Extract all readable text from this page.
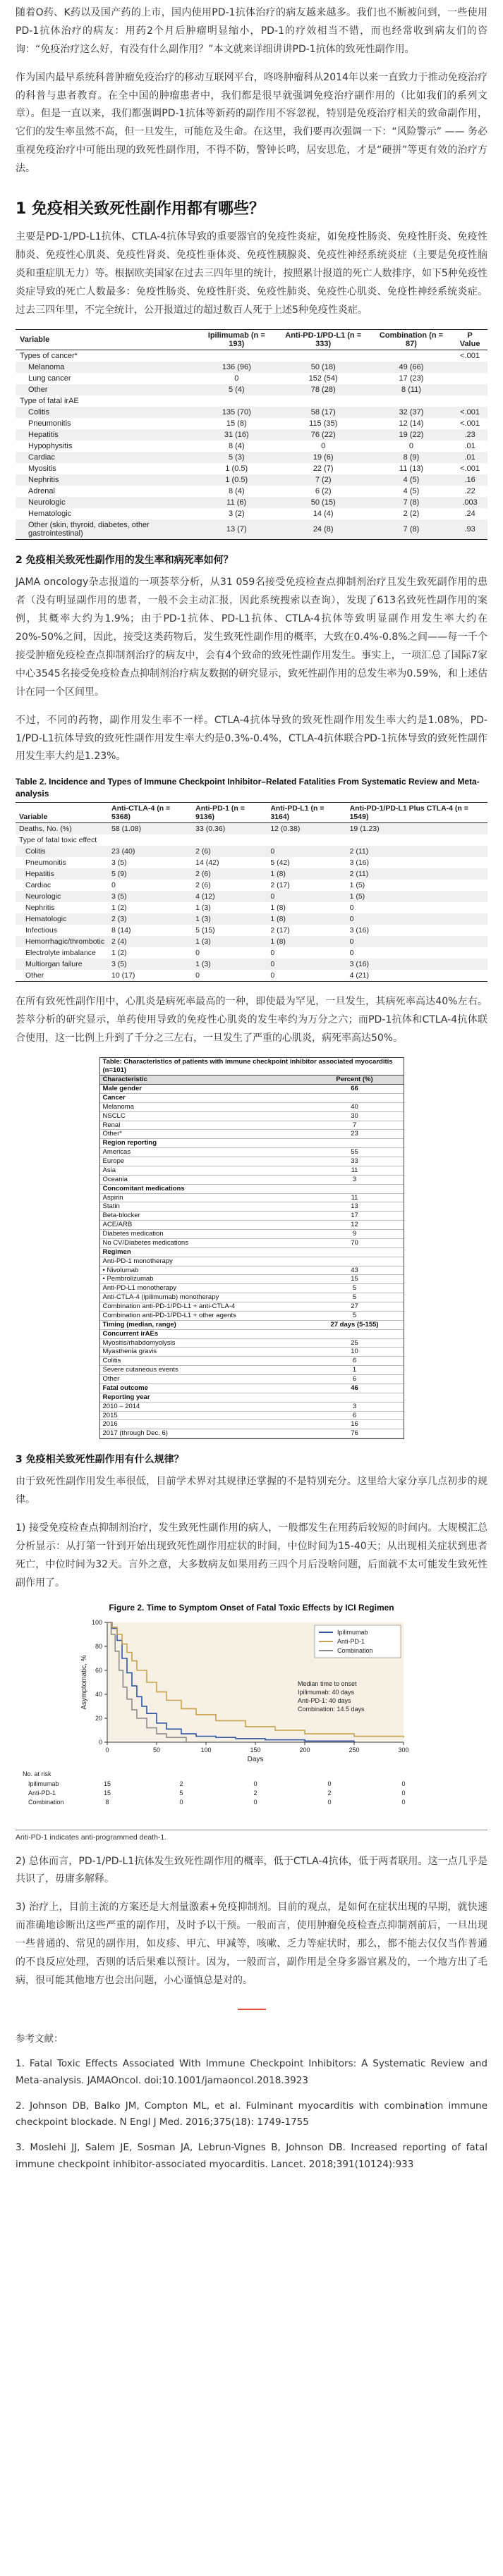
随着O药、K药以及国产药的上市，国内使用PD-1抗体治疗的病友越来越多。我们也不断被问到，一些使用PD-1抗体治疗的病友：用药2个月后肿瘤明显缩小，PD-1的疗效相当不错，而也经常收到病友们的咨询：“免疫治疗这么好，有没有什么副作用？”本文就来详细讲讲PD-1抗体的致死性副作用。

作为国内最早系统科普肿瘤免疫治疗的移动互联网平台，咚咚肿瘤科从2014年以来一直致力于推动免疫治疗的科普与患者教育。在全中国的肿瘤患者中，我们都是很早就强调免疫治疗副作用的（比如我们的系列文章）。但是一直以来，我们都强调PD-1抗体等新药的副作用不容忽视，特别是免疫治疗相关的致命副作用，它们的发生率虽然不高，但一旦发生，可能危及生命。在这里，我们要再次强调一下：“风险警示” —— 务必重视免疫治疗中可能出现的致死性副作用，不得不防，警钟长鸣，居安思危，才是“硬拼”等更有效的治疗方法。

1 免疫相关致死性副作用都有哪些？

主要是PD-1/PD-L1抗体、CTLA-4抗体导致的重要器官的免疫性炎症，如免疫性肠炎、免疫性肝炎、免疫性肺炎、免疫性心肌炎、免疫性肾炎、免疫性垂体炎、免疫性胰腺炎、免疫性神经系统炎症（主要是免疫性脑炎和重症肌无力）等。根据欧美国家在过去三四年里的统计，按照累计报道的死亡人数排序，如下5种免疫性炎症导致的死亡人数最多：免疫性肠炎、免疫性肝炎、免疫性肺炎、免疫性心肌炎、免疫性神经系统炎症。过去三四年里，不完全统计，公开报道过的超过数百人死于上述5种免疫性炎症。

Variable	Ipilimumab (n = 193)	Anti-PD-1/PD-L1 (n = 333)	Combination (n = 87)	P Value
Types of cancer*				<.001
Melanoma	136 (96)	50 (18)	49 (66)	
Lung cancer	0	152 (54)	17 (23)	
Other	5 (4)	78 (28)	8 (11)	
Type of fatal irAE				
Colitis	135 (70)	58 (17)	32 (37)	<.001
Pneumonitis	15 (8)	115 (35)	12 (14)	<.001
Hepatitis	31 (16)	76 (22)	19 (22)	.23
Hypophysitis	8 (4)	0	0	.01
Cardiac	5 (3)	19 (6)	8 (9)	.01
Myositis	1 (0.5)	22 (7)	11 (13)	<.001
Nephritis	1 (0.5)	7 (2)	4 (5)	.16
Adrenal	8 (4)	6 (2)	4 (5)	.22
Neurologic	11 (6)	50 (15)	7 (8)	.003
Hematologic	3 (2)	14 (4)	2 (2)	.24
Other (skin, thyroid, diabetes, other gastrointestinal)	13 (7)	24 (8)	7 (8)	.93
2 免疫相关致死性副作用的发生率和病死率如何？

JAMA oncology杂志报道的一项荟萃分析，从31 059名接受免疫检查点抑制剂治疗且发生致死副作用的患者（没有明显副作用的患者，一般不会主动汇报，因此系统搜索以查询），发现了613名致死性副作用的案例，其概率大约为1.9%；由于PD-1抗体、PD-L1抗体、CTLA-4抗体等致明显副作用发生率大约在20%-50%之间，因此，接受这类药物后，发生致死性副作用的概率，大致在0.4%-0.8%之间——每一千个接受肿瘤免疫检查点抑制剂治疗的病友中，会有4个致命的致死性副作用发生。事实上，一项汇总了国际7家中心3545名接受免疫检查点抑制剂治疗病友数据的研究显示，致死性副作用的总发生率为0.59%，和上述估计在同一个区间里。

不过，不同的药物，副作用发生率不一样。CTLA-4抗体导致的致死性副作用发生率大约是1.08%，PD-1/PD-L1抗体导致的致死性副作用发生率大约是0.3%-0.4%，CTLA-4抗体联合PD-1抗体导致的致死性副作用发生率大约是1.23%。

Table 2. Incidence and Types of Immune Checkpoint Inhibitor–Related Fatalities From Systematic Review and Meta-analysis
Variable	Anti-CTLA-4 (n = 5368)	Anti-PD-1 (n = 9136)	Anti-PD-L1 (n = 3164)	Anti-PD-1/PD-L1 Plus CTLA-4 (n = 1549)
Deaths, No. (%)	58 (1.08)	33 (0.36)	12 (0.38)	19 (1.23)
Type of fatal toxic effect				
Colitis	23 (40)	2 (6)	0	2 (11)
Pneumonitis	3 (5)	14 (42)	5 (42)	3 (16)
Hepatitis	5 (9)	2 (6)	1 (8)	2 (11)
Cardiac	0	2 (6)	2 (17)	1 (5)
Neurologic	3 (5)	4 (12)	0	1 (5)
Nephritis	1 (2)	1 (3)	1 (8)	0
Hematologic	2 (3)	1 (3)	1 (8)	0
Infectious	8 (14)	5 (15)	2 (17)	3 (16)
Hemorrhagic/thrombotic	2 (4)	1 (3)	1 (8)	0
Electrolyte imbalance	1 (2)	0	0	0
Multiorgan failure	3 (5)	1 (3)	0	3 (16)
Other	10 (17)	0	0	4 (21)

在所有致死性副作用中，心肌炎是病死率最高的一种，即使最为罕见，一旦发生，其病死率高达40%左右。荟萃分析的研究显示，单药使用导致的免疫性心肌炎的发生率约为万分之六；而PD-1抗体和CTLA-4抗体联合使用，这一比例上升到了千分之三左右，一旦发生了严重的心肌炎，病死率高达50%。

Table: Characteristics of patients with immune checkpoint inhibitor associated myocarditis (n=101)	
Characteristic	Percent (%)
Male gender	66
Cancer	
Melanoma	40
NSCLC	30
Renal	7
Other*	23
Region reporting	
Americas	55
Europe	33
Asia	11
Oceania	3
Concomitant medications	
Aspirin	11
Statin	13
Beta-blocker	17
ACE/ARB	12
Diabetes medication	9
No CV/Diabetes medications	70
Regimen	
Anti-PD-1 monotherapy	
• Nivolumab	43
• Pembrolizumab	15
Anti-PD-L1 monotherapy	5
Anti-CTLA-4 (ipilimumab) monotherapy	5
Combination anti-PD-1/PD-L1 + anti-CTLA-4	27
Combination anti-PD-1/PD-L1 + other agents	5
Timing (median, range)	27 days (5-155)
Concurrent irAEs	
Myositis/rhabdomyolysis	25
Myasthenia gravis	10
Colitis	6
Severe cutaneous events	1
Other	6
Fatal outcome	46
Reporting year	
2010 – 2014	3
2015	6
2016	16
2017 (through Dec. 6)	76
3 免疫相关致死性副作用有什么规律？

由于致死性副作用发生率很低，目前学术界对其规律还掌握的不是特别充分。这里给大家分享几点初步的规律。

1) 接受免疫检查点抑制剂治疗，发生致死性副作用的病人，一般都发生在用药后较短的时间内。大规模汇总分析显示：从打第一针到开始出现致死性副作用症状的时间，中位时间为15-40天；从出现相关症状到患者死亡，中位时间为32天。言外之意，大多数病友如果用药三四个月后没啥问题，后面就不太可能发生致死性副作用了。

Figure 2. Time to Symptom Onset of Fatal Toxic Effects by ICI Regimen
0
20
40
60
80
100
0	50	100	150	200	250	300
Days
Asymptomatic, %
Ipilimumab
Anti-PD-1
Combination
Median time to onset
Ipilimumab: 40 days
Anti-PD-1: 40 days
Combination: 14.5 days
No. at risk
Ipilimumab	15	2	0	0	0
Anti-PD-1	15	5	2	2	0
Combination	8	0	0	0	0
Anti-PD-1 indicates anti-programmed death-1.

2) 总体而言，PD-1/PD-L1抗体发生致死性副作用的概率，低于CTLA-4抗体，低于两者联用。这一点几乎是共识了，毋庸多解释。

3) 治疗上，目前主流的方案还是大剂量激素+免疫抑制剂。目前的观点，是如何在症状出现的早期，就快速而准确地诊断出这些严重的副作用，及时予以干预。一般而言，使用肿瘤免疫检查点抑制剂前后，一旦出现一些普通的、常见的副作用，如皮疹、甲亢、甲减等，咳嗽、乏力等症状时，那么，都不能去仅仅当作普通的不良反应处理，否则的话后果难以预计。因为，一般而言，副作用是全身多器官累及的，一个地方出了毛病，很可能其他地方也会出问题，小心谨慎总是对的。

参考文献：

1. Fatal Toxic Effects Associated With Immune Checkpoint Inhibitors: A Systematic Review and Meta-analysis. JAMAOncol. doi:10.1001/jamaoncol.2018.3923

2. Johnson DB, Balko JM, Compton ML, et al. Fulminant myocarditis with combination immune checkpoint blockade. N Engl J Med. 2016;375(18): 1749-1755

3. Moslehi JJ, Salem JE, Sosman JA, Lebrun-Vignes B, Johnson DB. Increased reporting of fatal immune checkpoint inhibitor-associated myocarditis. Lancet. 2018;391(10124):933
